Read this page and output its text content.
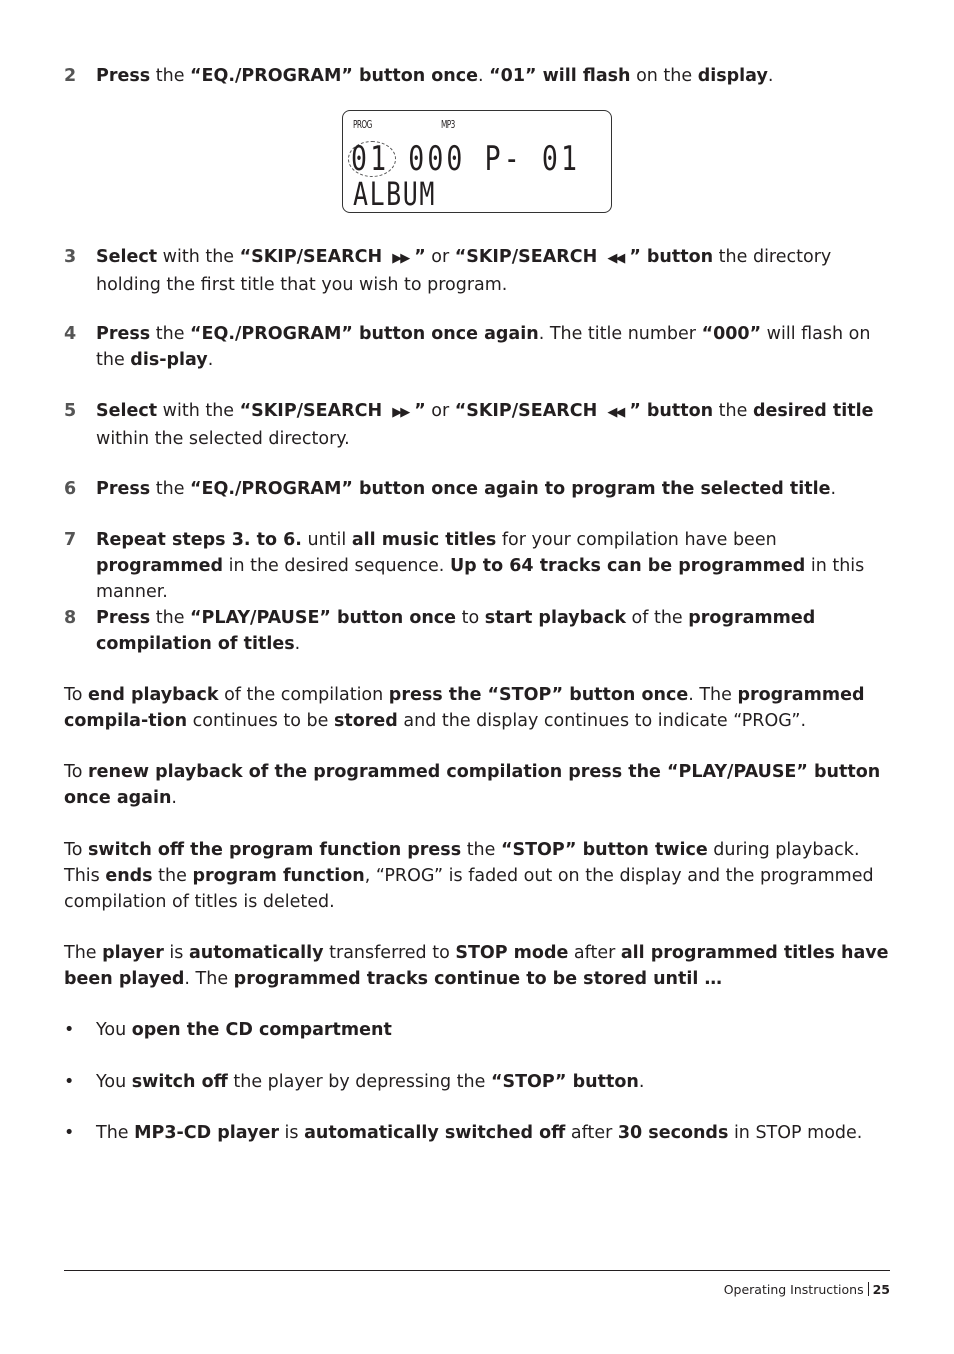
PROG	MP3
01 000 P- 01
ALBUM
2 Press the “EQ./PROGRAM” button once. “01” will flash on the display.
3 Select with the “SKIP/SEARCH ▶▶ ” or “SKIP/SEARCH ◀◀ ” button the directory holding the first title that you wish to program.
4 Press the “EQ./PROGRAM” button once again. The title number “000” will flash on the dis-play.
5 Select with the “SKIP/SEARCH ▶▶ ” or “SKIP/SEARCH ◀◀ ” button the desired title within the selected directory.
6 Press the “EQ./PROGRAM” button once again to program the selected title.
7 Repeat steps 3. to 6. until all music titles for your compilation have been programmed in the desired sequence. Up to 64 tracks can be programmed in this manner.
8 Press the “PLAY/PAUSE” button once to start playback of the programmed compilation of titles.
To end playback of the compilation press the “STOP” button once. The programmed compila-tion continues to be stored and the display continues to indicate “PROG”.
To renew playback of the programmed compilation press the “PLAY/PAUSE” button once again.
To switch off the program function press the “STOP” button twice during playback. This ends the program function, “PROG” is faded out on the display and the programmed compilation of titles is deleted.
The player is automatically transferred to STOP mode after all programmed titles have been played. The programmed tracks continue to be stored until …
• You open the CD compartment
• You switch off the player by depressing the “STOP” button.
• The MP3-CD player is automatically switched off after 30 seconds in STOP mode.
Operating Instructions 25
